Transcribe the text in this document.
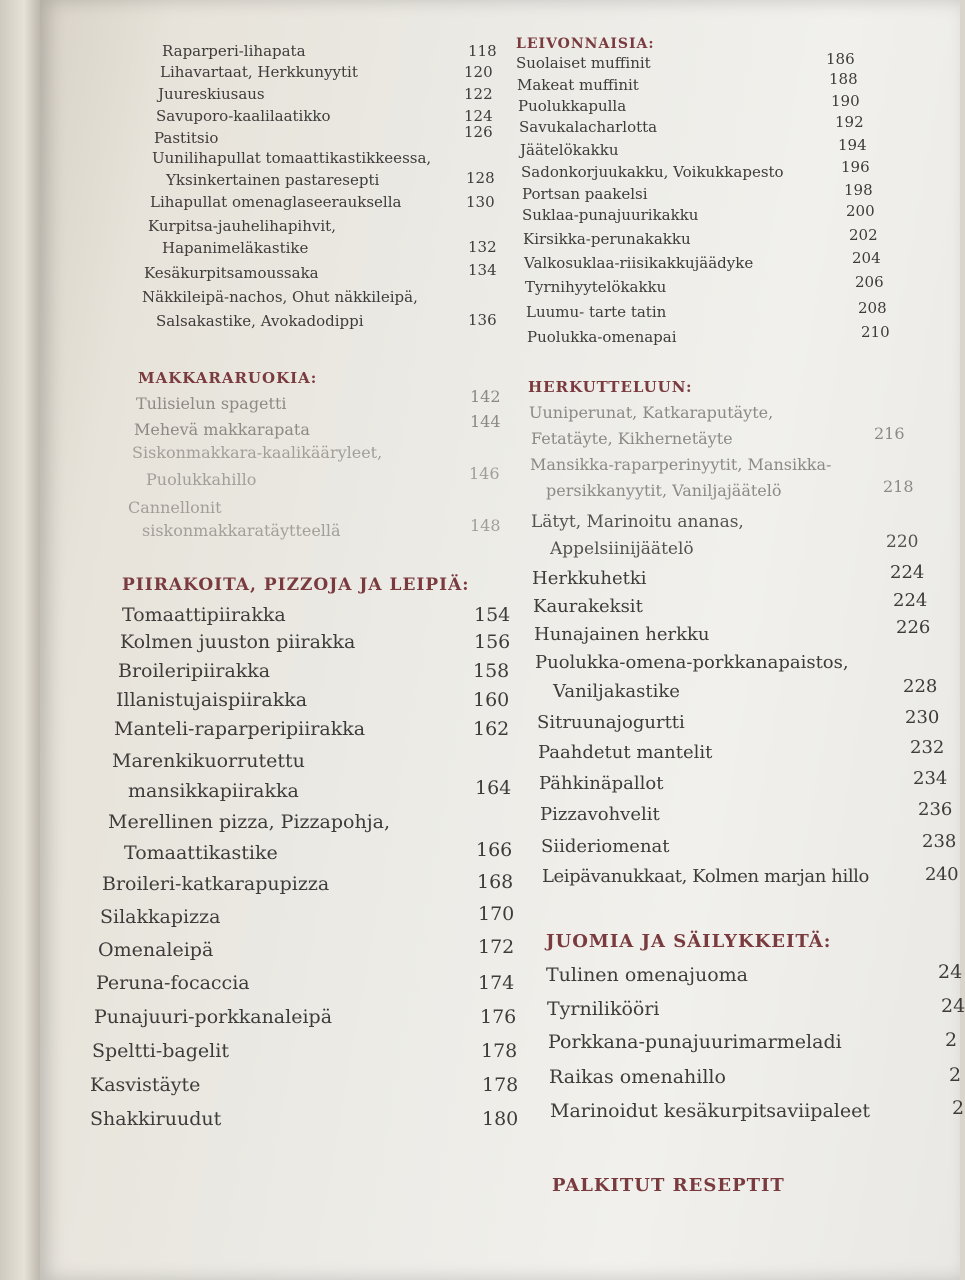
Raparperi-lihapata	118
Lihavartaat, Herkkunyytit	120
Juureskiusaus	122
Savuporo-kaalilaatikko	124
Pastitsio	126
Uunilihapullat tomaattikastikkeessa,
Yksinkertainen pastaresepti	128
Lihapullat omenaglaseerauksella	130
Kurpitsa-jauhelihapihvit,
Hapanimeläkastike	132
Kesäkurpitsamoussaka	134
Näkkileipä-nachos, Ohut näkkileipä,
Salsakastike, Avokadodippi	136
MAKKARARUOKIA:
Tulisielun spagetti	142
Mehevä makkarapata	144
Siskonmakkara-kaalikääryleet,
Puolukkahillo	146
Cannellonit
siskonmakkaratäytteellä	148
PIIRAKOITA, PIZZOJA JA LEIPIÄ:
Tomaattipiirakka	154
Kolmen juuston piirakka	156
Broileripiirakka	158
Illanistujaispiirakka	160
Manteli-raparperipiirakka	162
Marenkikuorrutettu
mansikkapiirakka	164
Merellinen pizza, Pizzapohja,
Tomaattikastike	166
Broileri-katkarapupizza	168
Silakkapizza	170
Omenaleipä	172
Peruna-focaccia	174
Punajuuri-porkkanaleipä	176
Speltti-bagelit	178
Kasvistäyte	178
Shakkiruudut	180
LEIVONNAISIA:
Suolaiset muffinit	186
Makeat muffinit	188
Puolukkapulla	190
Savukalacharlotta	192
Jäätelökakku	194
Sadonkorjuukakku, Voikukkapesto	196
Portsan paakelsi	198
Suklaa-punajuurikakku	200
Kirsikka-perunakakku	202
Valkosuklaa-riisikakkujäädyke	204
Tyrnihyytelökakku	206
Luumu- tarte tatin	208
Puolukka-omenapai	210
HERKUTTELUUN:
Uuniperunat, Katkaraputäyte,
Fetatäyte, Kikhernetäyte	216
Mansikka-raparperinyytit, Mansikka-
persikkanyytit, Vaniljajäätelö	218
Lätyt, Marinoitu ananas,
Appelsiinijäätelö	220
Herkkuhetki	224
Kaurakeksit	224
Hunajainen herkku	226
Puolukka-omena-porkkanapaistos,
Vaniljakastike	228
Sitruunajogurtti	230
Paahdetut mantelit	232
Pähkinäpallot	234
Pizzavohvelit	236
Siideriomenat	238
Leipävanukkaat, Kolmen marjan hillo	240
JUOMIA JA SÄILYKKEITÄ:
Tulinen omenajuoma	24
Tyrnilikööri	24
Porkkana-punajuurimarmeladi	2
Raikas omenahillo	2
Marinoidut kesäkurpitsaviipaleet	2
PALKITUT RESEPTIT
